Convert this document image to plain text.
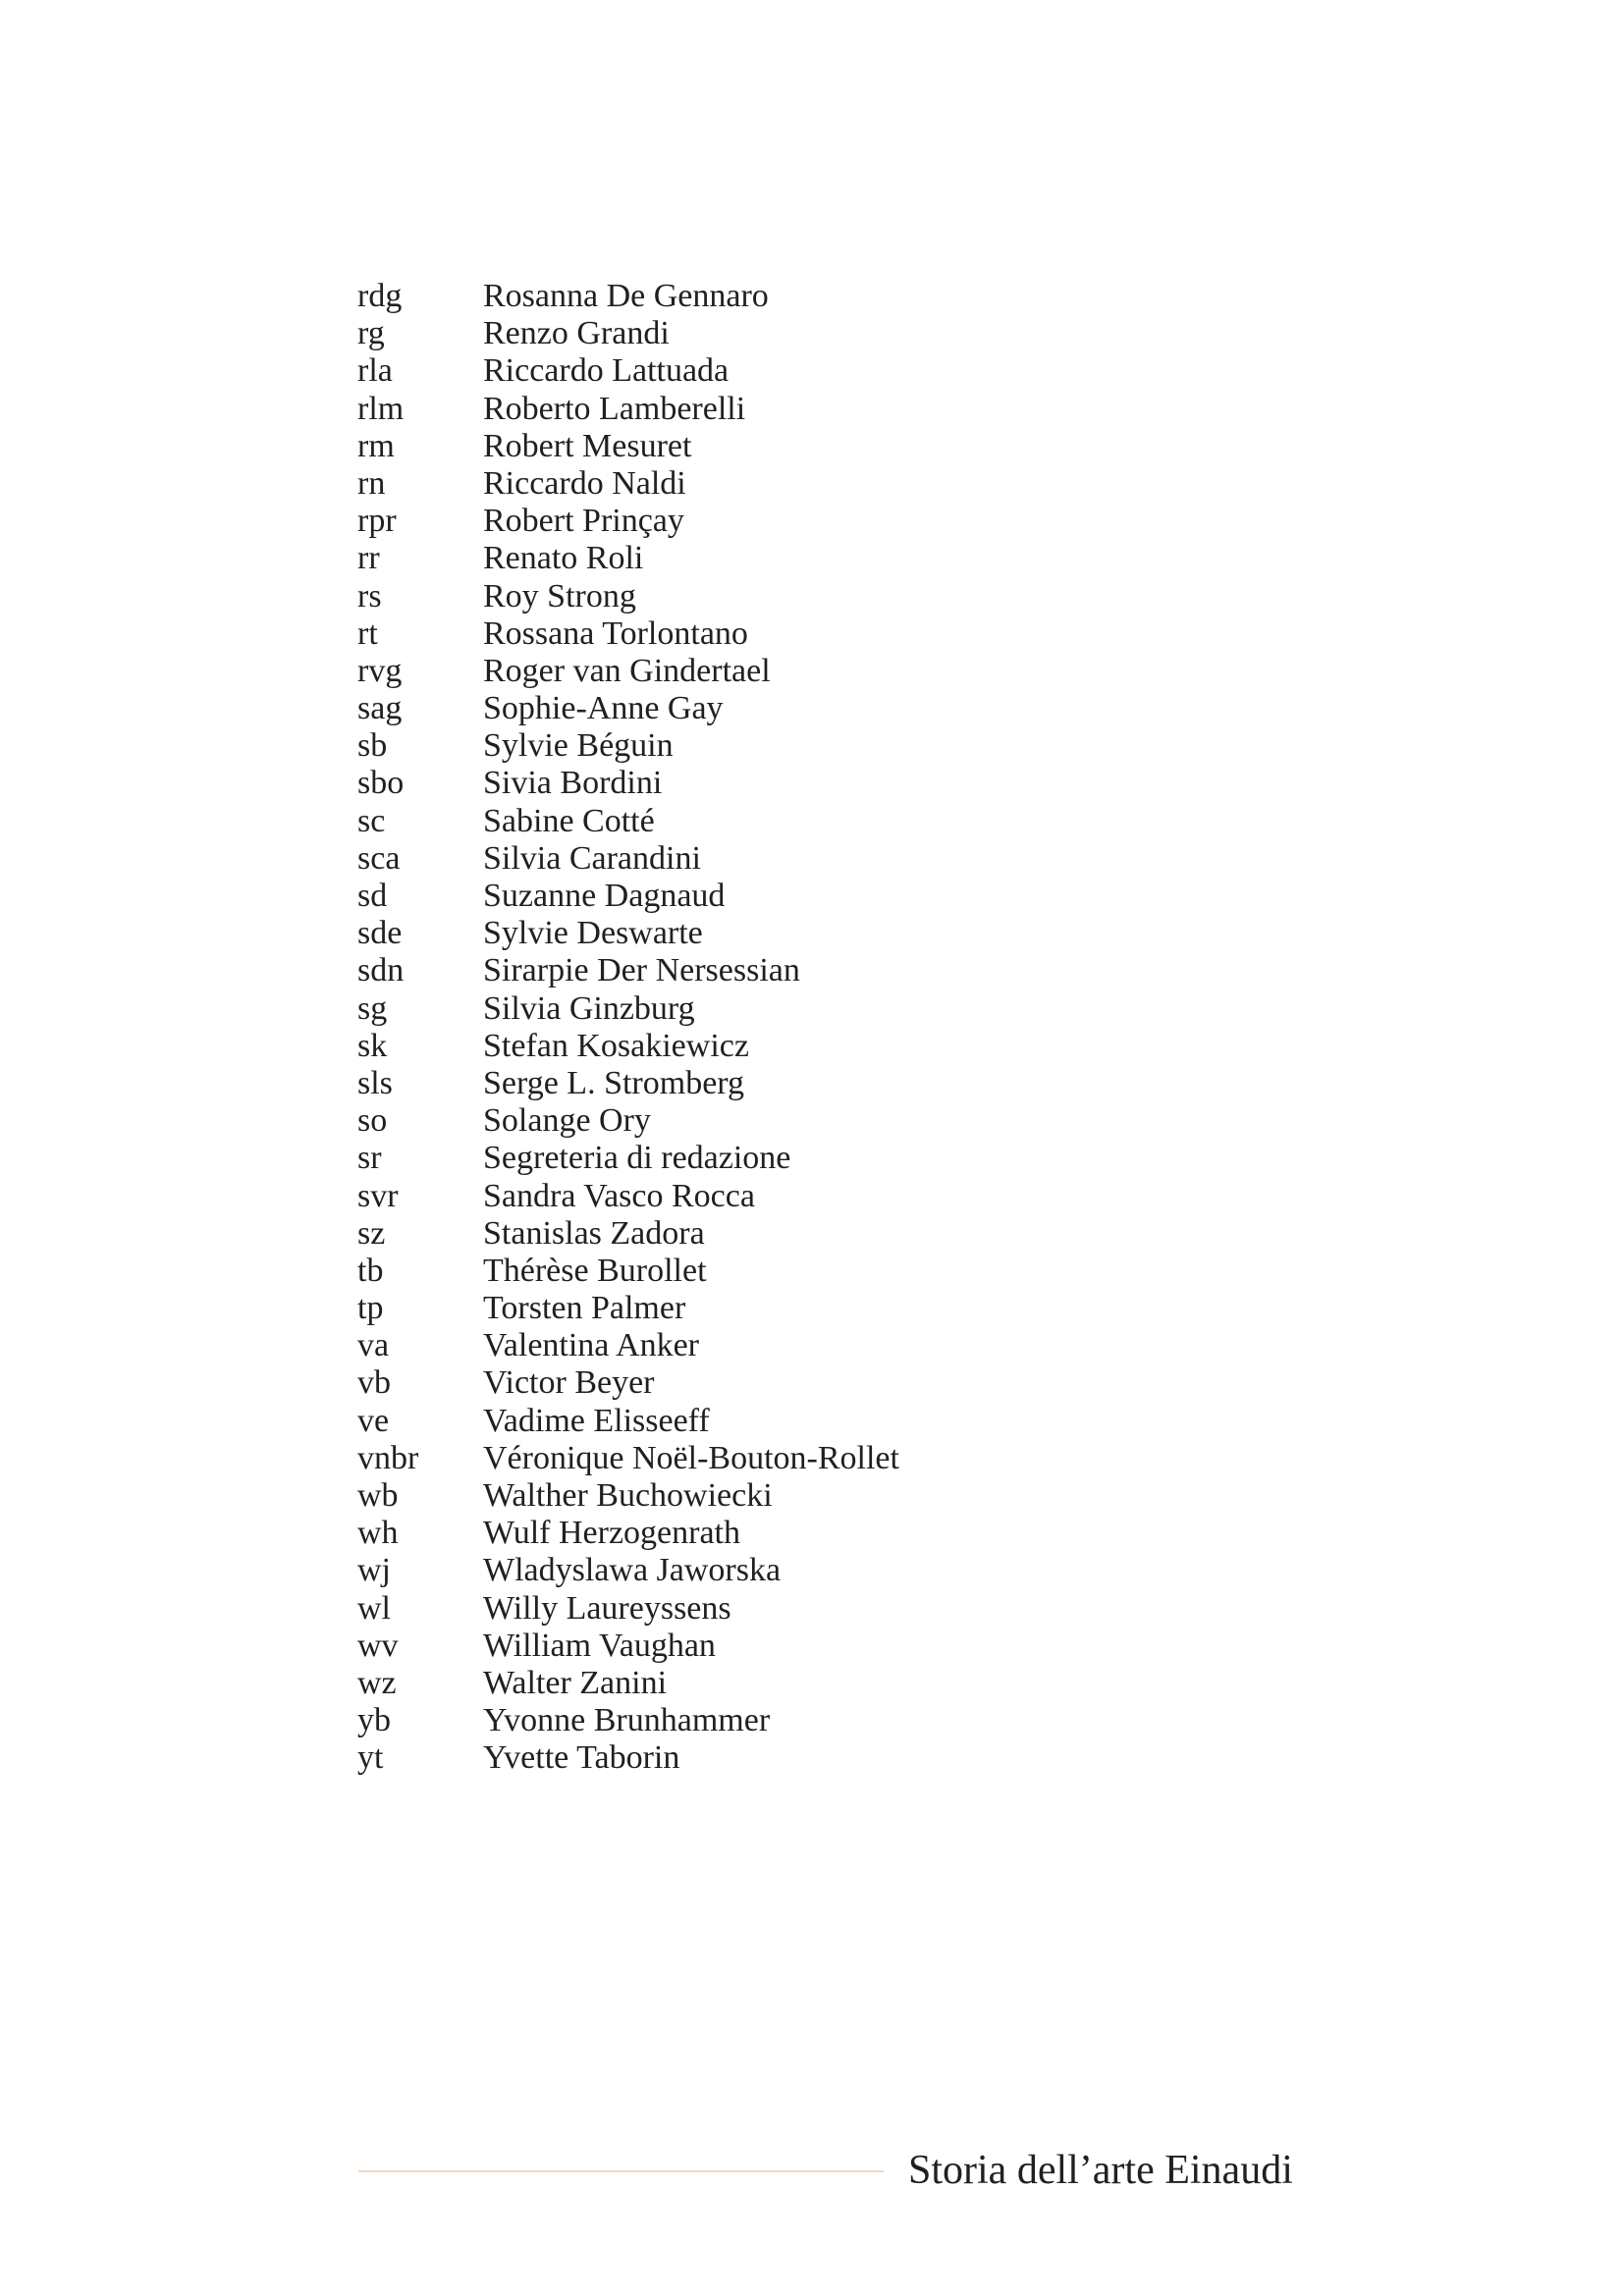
rdg	Rosanna De Gennaro
rg	Renzo Grandi
rla	Riccardo Lattuada
rlm	Roberto Lamberelli
rm	Robert Mesuret
rn	Riccardo Naldi
rpr	Robert Prinçay
rr	Renato Roli
rs	Roy Strong
rt	Rossana Torlontano
rvg	Roger van Gindertael
sag	Sophie-Anne Gay
sb	Sylvie Béguin
sbo	Sivia Bordini
sc	Sabine Cotté
sca	Silvia Carandini
sd	Suzanne Dagnaud
sde	Sylvie Deswarte
sdn	Sirarpie Der Nersessian
sg	Silvia Ginzburg
sk	Stefan Kosakiewicz
sls	Serge L. Stromberg
so	Solange Ory
sr	Segreteria di redazione
svr	Sandra Vasco Rocca
sz	Stanislas Zadora
tb	Thérèse Burollet
tp	Torsten Palmer
va	Valentina Anker
vb	Victor Beyer
ve	Vadime Elisseeff
vnbr	Véronique Noël-Bouton-Rollet
wb	Walther Buchowiecki
wh	Wulf Herzogenrath
wj	Wladyslawa Jaworska
wl	Willy Laureyssens
wv	William Vaughan
wz	Walter Zanini
yb	Yvonne Brunhammer
yt	Yvette Taborin
Storia dell’arte Einaudi
